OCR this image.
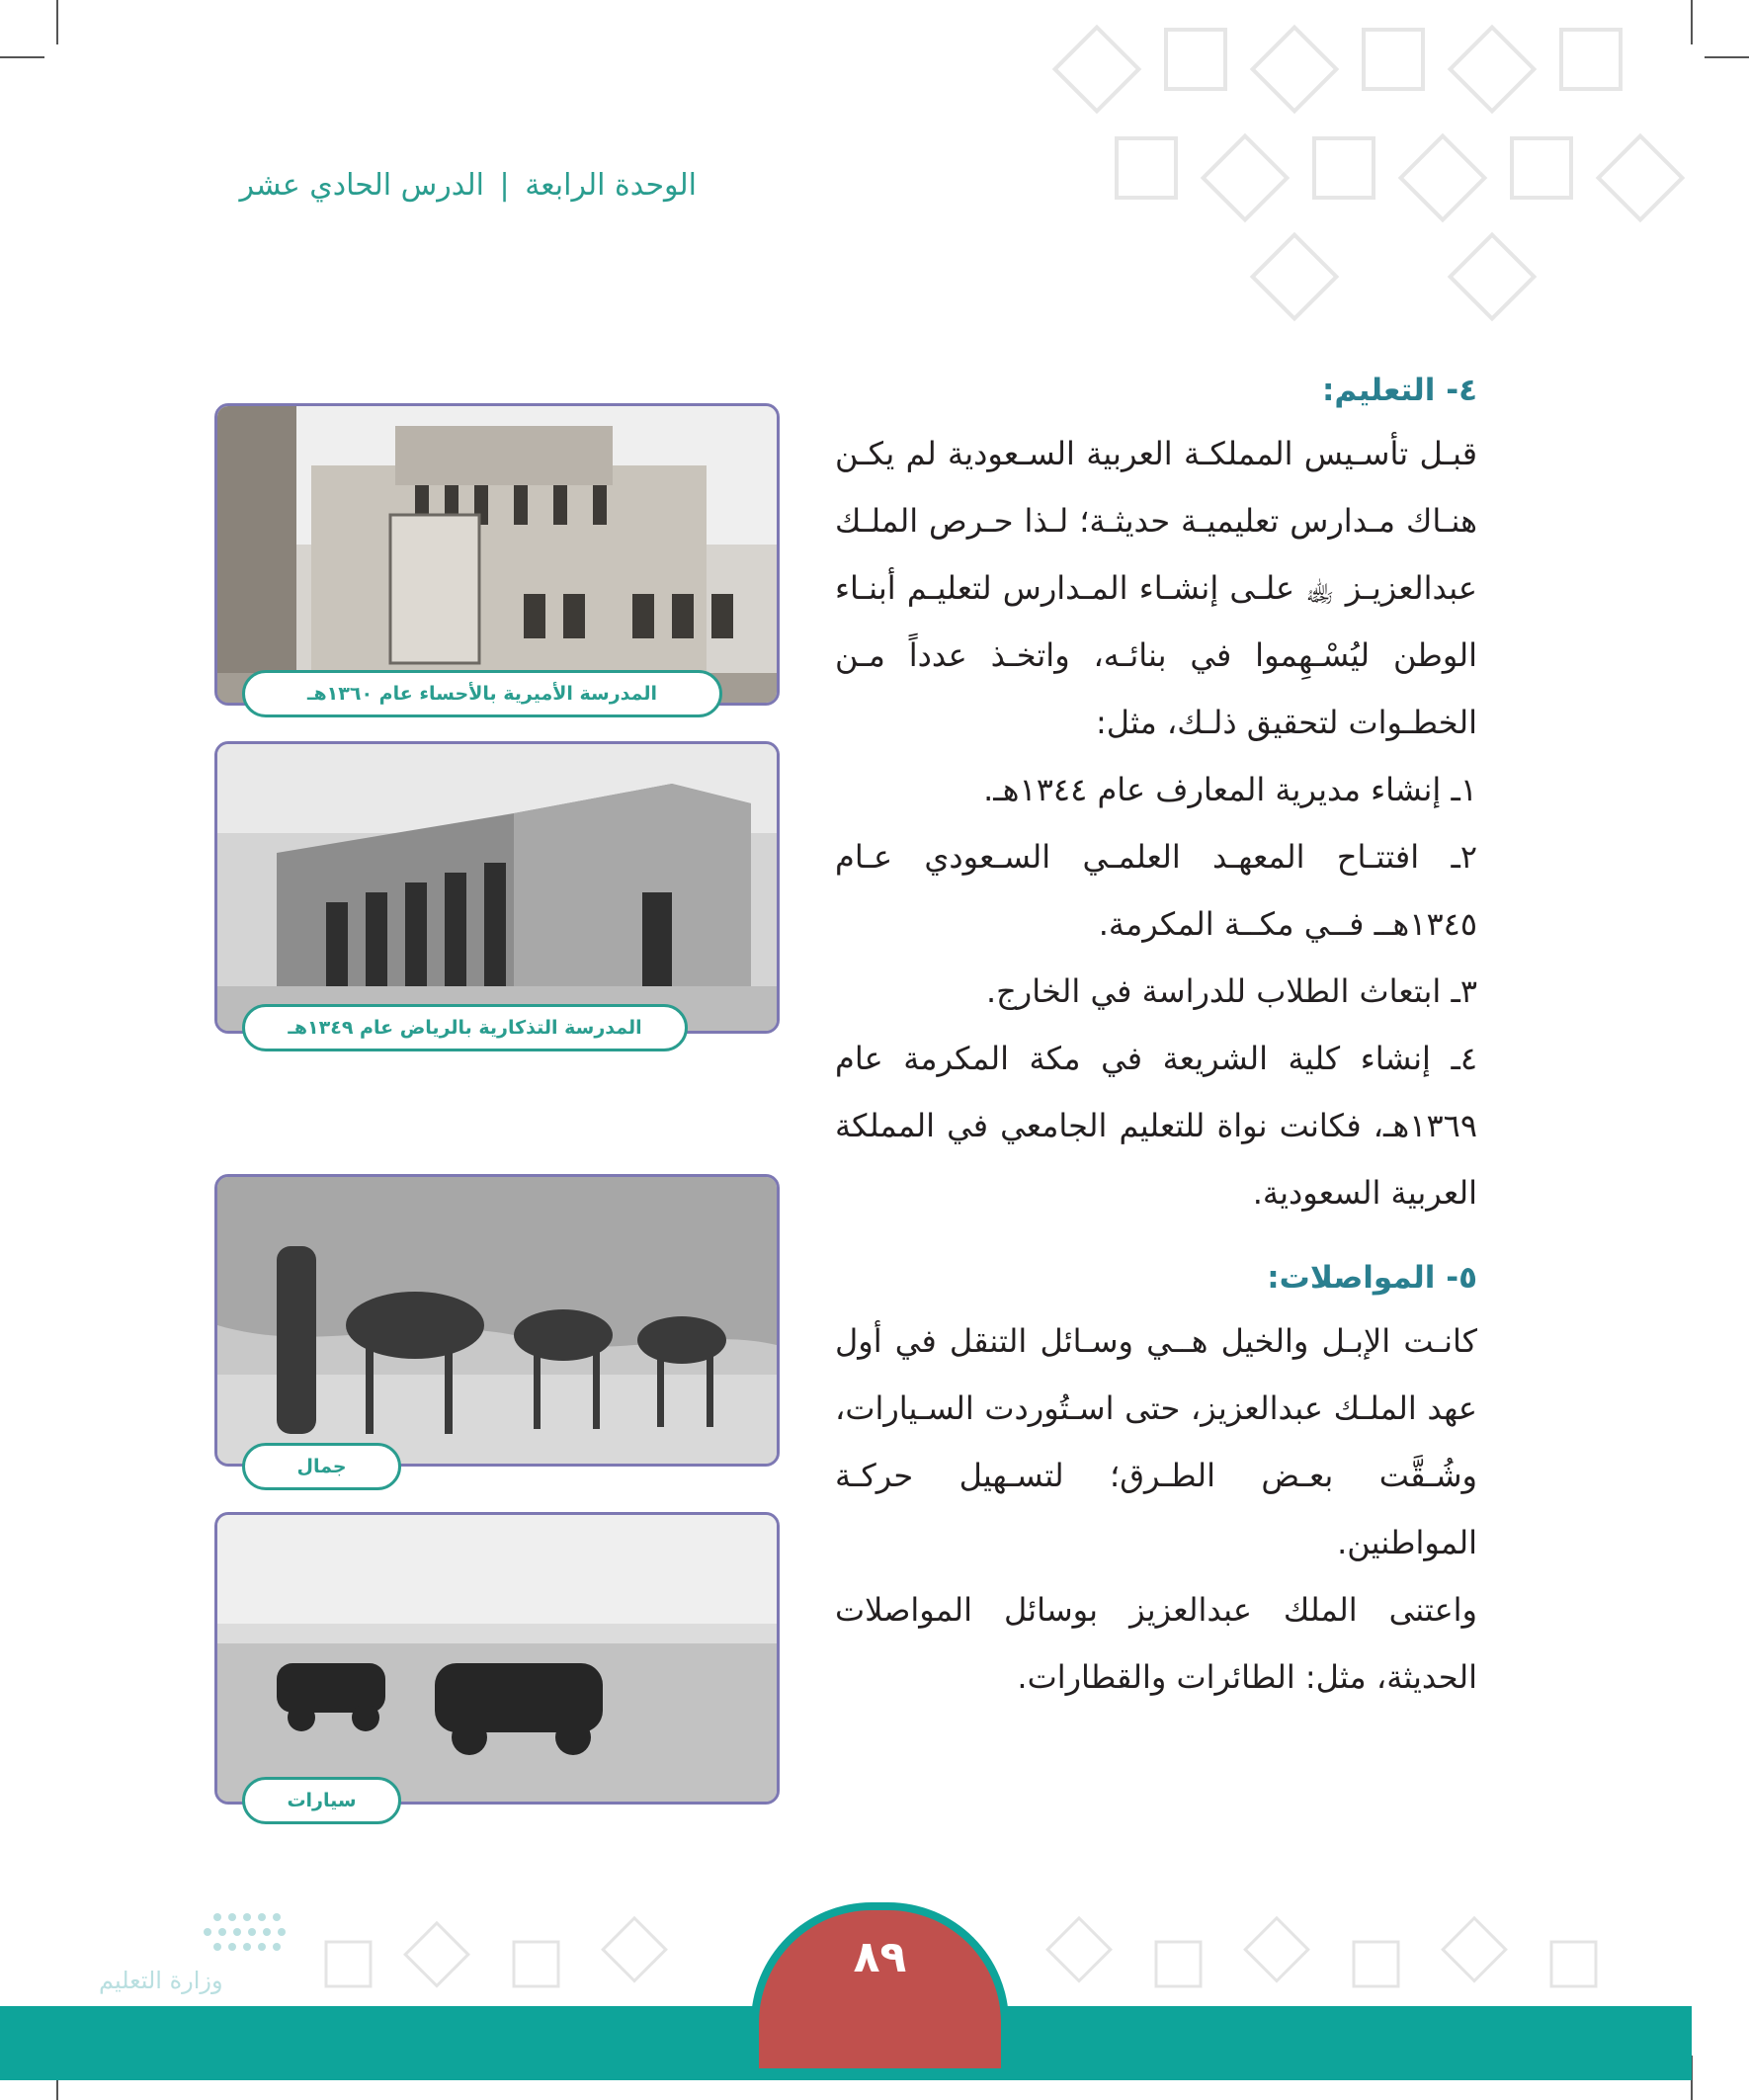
الوحدة الرابعة | الدرس الحادي عشر

٤- التعليم:

قبـل تأسـيس المملكـة العربية السـعودية لم يكـن هنـاك مـدارس تعليميـة حديثـة؛ لـذا حـرص الملـك عبدالعزيـز ﵀ علـى إنشـاء المـدارس لتعليـم أبنـاء الوطن ليُسْـهِموا في بنائـه، واتخـذ عدداً مـن الخطـوات لتحقيق ذلـك، مثل:

١ـ إنشاء مديرية المعارف عام ١٣٤٤هـ.

٢ـ افتتـاح المعهـد العلمـي السـعودي عـام ١٣٤٥هــ فــي مكــة المكرمة.

٣ـ ابتعاث الطلاب للدراسة في الخارج.

٤ـ إنشاء كلية الشريعة في مكة المكرمة عام ١٣٦٩هـ، فكانت نواة للتعليم الجامعي في المملكة العربية السعودية.

٥- المواصلات:

كانـت الإبـل والخيل هــي وسـائل التنقل في أول عهد الملـك عبدالعزيز، حتى اسـتُوردت السـيارات، وشُـقَّت بعـض الطـرق؛ لتسـهيل حركـة المواطنين.

واعتنى الملك عبدالعزيز بوسائل المواصلات الحديثة، مثل: الطائرات والقطارات.

المدرسة الأميرية بالأحساء عام ١٣٦٠هـ
المدرسة التذكارية بالرياض عام ١٣٤٩هـ
جمال
سيارات
٨٩
وزارة التعليم
